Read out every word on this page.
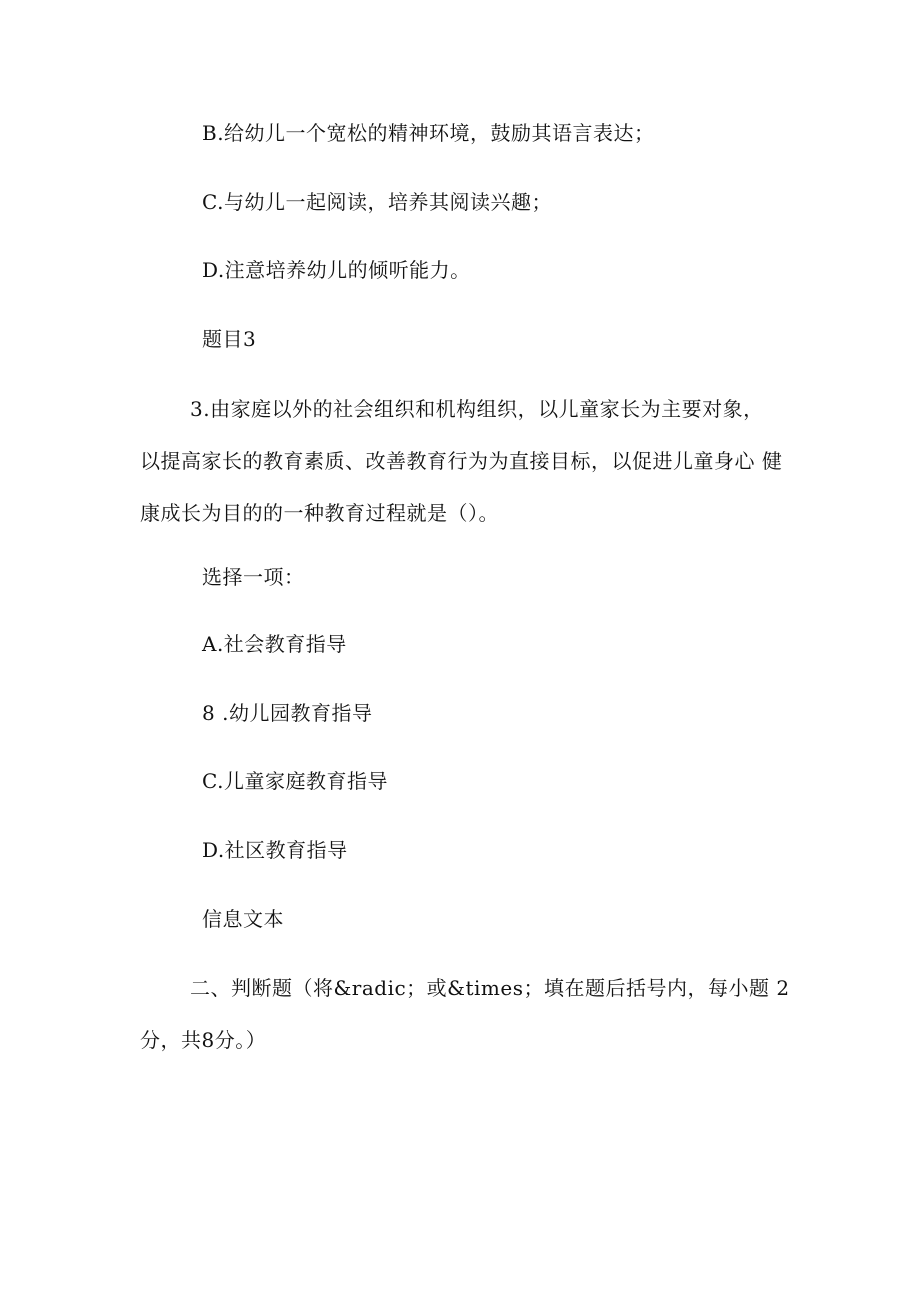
B.给幼儿一个宽松的精神环境，鼓励其语言表达；
C.与幼儿一起阅读，培养其阅读兴趣；
D.注意培养幼儿的倾听能力。
题目3
3.由家庭以外的社会组织和机构组织，以儿童家长为主要对象， 以提高家长的教育素质、改善教育行为为直接目标，以促进儿童身心 健康成长为目的的一种教育过程就是（）。
选择一项：
A.社会教育指导
8 .幼儿园教育指导
C.儿童家庭教育指导
D.社区教育指导
信息文本
二、判断题（将&radic；或&times；填在题后括号内，每小题 2分，共8分。）
